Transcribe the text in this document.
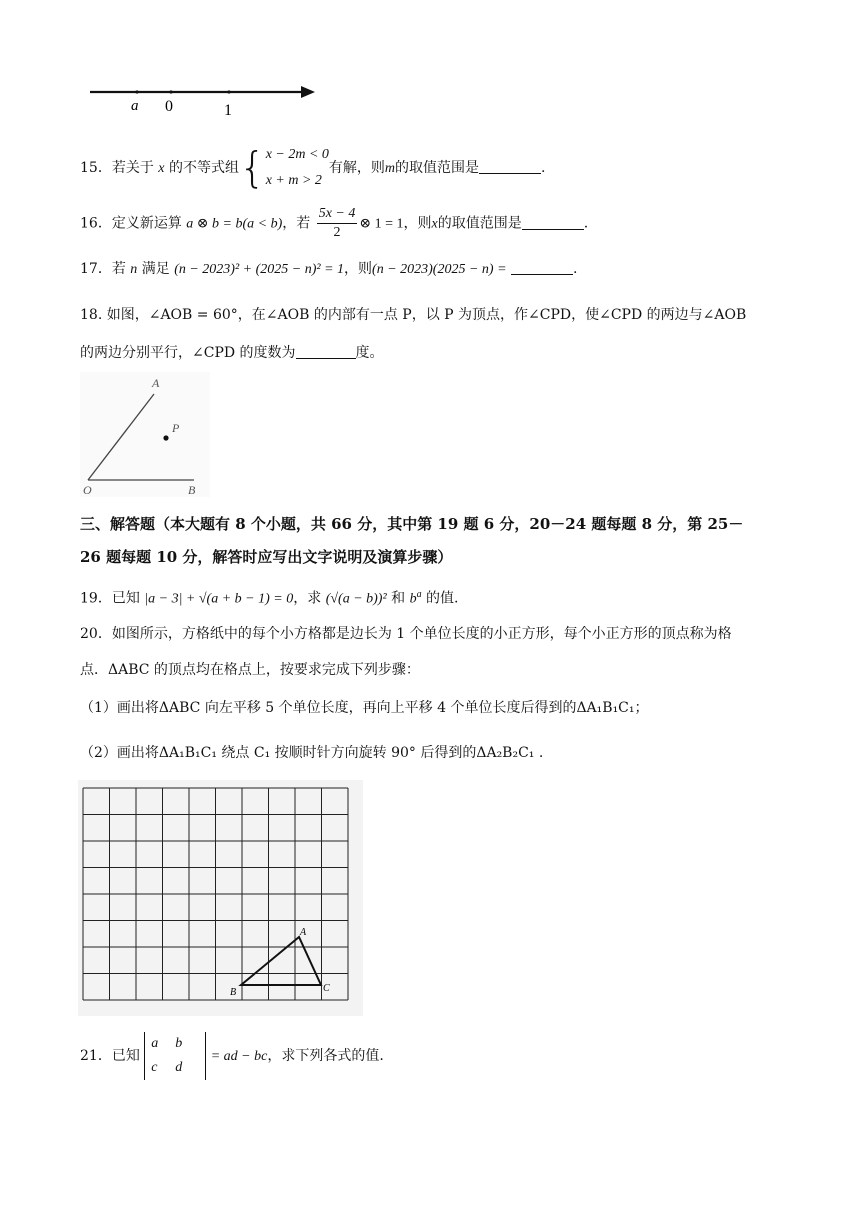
a 0	1
15．若关于 x 的不等式组 { x − 2m < 0
x + m > 2
有解，则m的取值范围是	.
16．定义新运算 a ⊗ b = b(a < b)，若 $\frac{5x - 4}{2}$ ⊗ 1 = 1，则x的取值范围是	.
17．若 n 满足 (n − 2023)² + (2025 − n)² = 1，则(n − 2023)(2025 − n) =	.
18. 如图，∠AOB = 60°，在∠AOB 的内部有一点 P，以 P 为顶点，作∠CPD，使∠CPD 的两边与∠AOB
的两边分别平行，∠CPD 的度数为	度。
A
P
O	B
三、解答题（本大题有 8 个小题，共 66 分，其中第 19 题 6 分，20－24 题每题 8 分，第 25－
26 题每题 10 分，解答时应写出文字说明及演算步骤）
19．已知 |a − 3| + √(a + b − 1) = 0，求 (√(a − b))² 和 $b^a$ 的值.
20．如图所示，方格纸中的每个小方格都是边长为 1 个单位长度的小正方形，每个小正方形的顶点称为格
点．ΔABC 的顶点均在格点上，按要求完成下列步骤：
（1）画出将ΔABC 向左平移 5 个单位长度，再向上平移 4 个单位长度后得到的ΔA₁B₁C₁；
（2）画出将ΔA₁B₁C₁ 绕点 C₁ 按顺时针方向旋转 90° 后得到的ΔA₂B₂C₁ .
A
B	C
21．已知
a	b
c	d
= ad − bc，求下列各式的值.
